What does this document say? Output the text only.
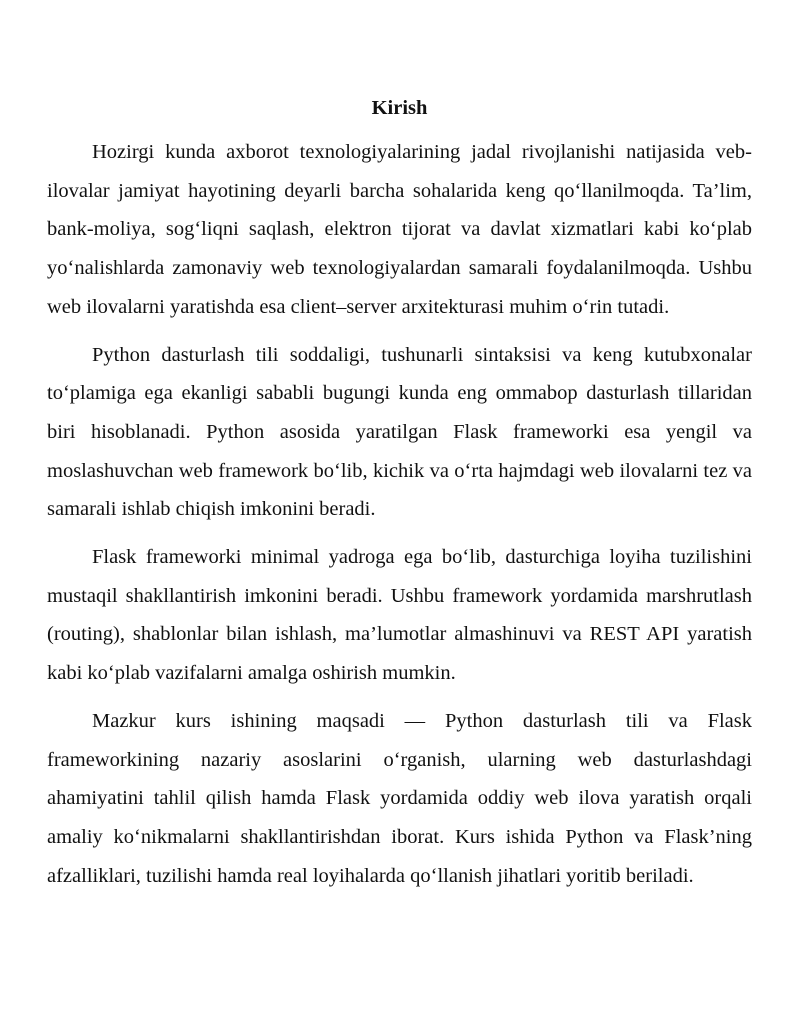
Kirish

Hozirgi kunda axborot texnologiyalarining jadal rivojlanishi natijasida veb-ilovalar jamiyat hayotining deyarli barcha sohalarida keng qo‘llanilmoqda. Ta’lim, bank-moliya, sog‘liqni saqlash, elektron tijorat va davlat xizmatlari kabi ko‘plab yo‘nalishlarda zamonaviy web texnologiyalardan samarali foydalanilmoqda. Ushbu web ilovalarni yaratishda esa client–server arxitekturasi muhim o‘rin tutadi.

Python dasturlash tili soddaligi, tushunarli sintaksisi va keng kutubxonalar to‘plamiga ega ekanligi sababli bugungi kunda eng ommabop dasturlash tillaridan biri hisoblanadi. Python asosida yaratilgan Flask frameworki esa yengil va moslashuvchan web framework bo‘lib, kichik va o‘rta hajmdagi web ilovalarni tez va samarali ishlab chiqish imkonini beradi.

Flask frameworki minimal yadroga ega bo‘lib, dasturchiga loyiha tuzilishini mustaqil shakllantirish imkonini beradi. Ushbu framework yordamida marshrutlash (routing), shablonlar bilan ishlash, ma’lumotlar almashinuvi va REST API yaratish kabi ko‘plab vazifalarni amalga oshirish mumkin.

Mazkur kurs ishining maqsadi — Python dasturlash tili va Flask frameworkining nazariy asoslarini o‘rganish, ularning web dasturlashdagi ahamiyatini tahlil qilish hamda Flask yordamida oddiy web ilova yaratish orqali amaliy ko‘nikmalarni shakllantirishdan iborat. Kurs ishida Python va Flask’ning afzalliklari, tuzilishi hamda real loyihalarda qo‘llanish jihatlari yoritib beriladi.
